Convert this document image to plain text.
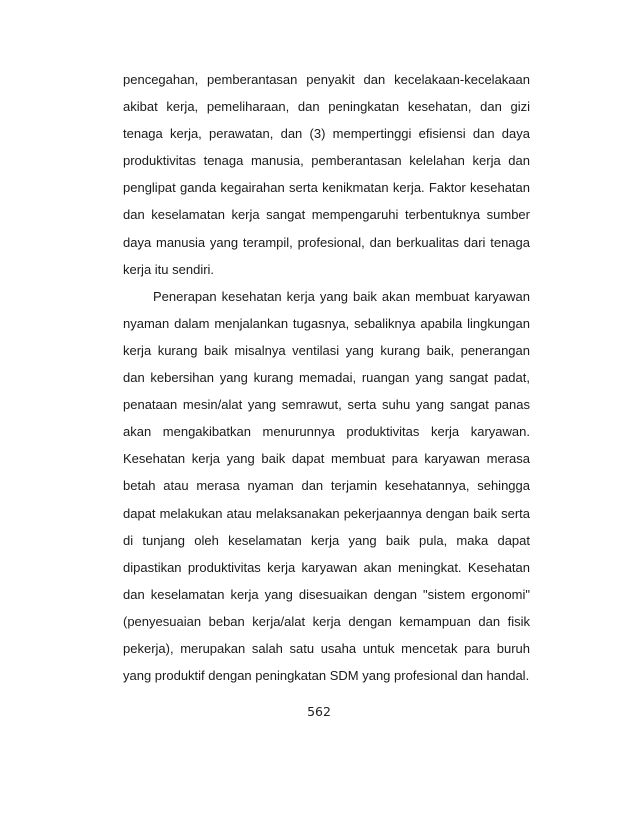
pencegahan, pemberantasan penyakit dan kecelakaan-kecelakaan akibat kerja, pemeliharaan, dan peningkatan kesehatan, dan gizi tenaga kerja, perawatan, dan (3) mempertinggi efisiensi dan daya produktivitas tenaga manusia, pemberantasan kelelahan kerja dan penglipat ganda kegairahan serta kenikmatan kerja. Faktor kesehatan dan keselamatan kerja sangat mempengaruhi terbentuknya sumber daya manusia yang terampil, profesional, dan berkualitas dari tenaga kerja itu sendiri.

Penerapan kesehatan kerja yang baik akan membuat karyawan nyaman dalam menjalankan tugasnya, sebaliknya apabila lingkungan kerja kurang baik misalnya ventilasi yang kurang baik, penerangan dan kebersihan yang kurang memadai, ruangan yang sangat padat, penataan mesin/alat yang semrawut, serta suhu yang sangat panas akan mengakibatkan menurunnya produktivitas kerja karyawan. Kesehatan kerja yang baik dapat membuat para karyawan merasa betah atau merasa nyaman dan terjamin kesehatannya, sehingga dapat melakukan atau melaksanakan pekerjaannya dengan baik serta di tunjang oleh keselamatan kerja yang baik pula, maka dapat dipastikan produktivitas kerja karyawan akan meningkat. Kesehatan dan keselamatan kerja yang disesuaikan dengan "sistem ergonomi" (penyesuaian beban kerja/alat kerja dengan kemampuan dan fisik pekerja), merupakan salah satu usaha untuk mencetak para buruh yang produktif dengan peningkatan SDM yang profesional dan handal.

562
